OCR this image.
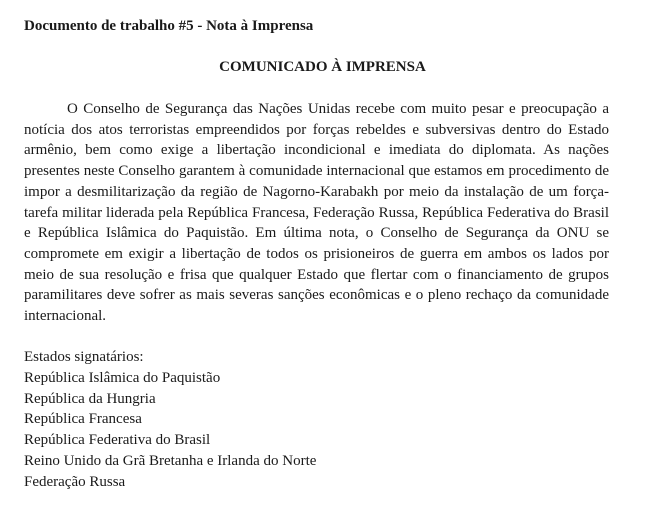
Documento de trabalho #5 - Nota à Imprensa
COMUNICADO À IMPRENSA

O Conselho de Segurança das Nações Unidas recebe com muito pesar e preocupação a notícia dos atos terroristas empreendidos por forças rebeldes e subversivas dentro do Estado armênio, bem como exige a libertação incondicional e imediata do diplomata. As nações presentes neste Conselho garantem à comunidade internacional que estamos em procedimento de impor a desmilitarização da região de Nagorno-Karabakh por meio da instalação de um força-tarefa militar liderada pela República Francesa, Federação Russa, República Federativa do Brasil e República Islâmica do Paquistão. Em última nota, o Conselho de Segurança da ONU se compromete em exigir a libertação de todos os prisioneiros de guerra em ambos os lados por meio de sua resolução e frisa que qualquer Estado que flertar com o financiamento de grupos paramilitares deve sofrer as mais severas sanções econômicas e o pleno rechaço da comunidade internacional.

Estados signatários:
República Islâmica do Paquistão
República da Hungria
República Francesa
República Federativa do Brasil
Reino Unido da Grã Bretanha e Irlanda do Norte
Federação Russa
